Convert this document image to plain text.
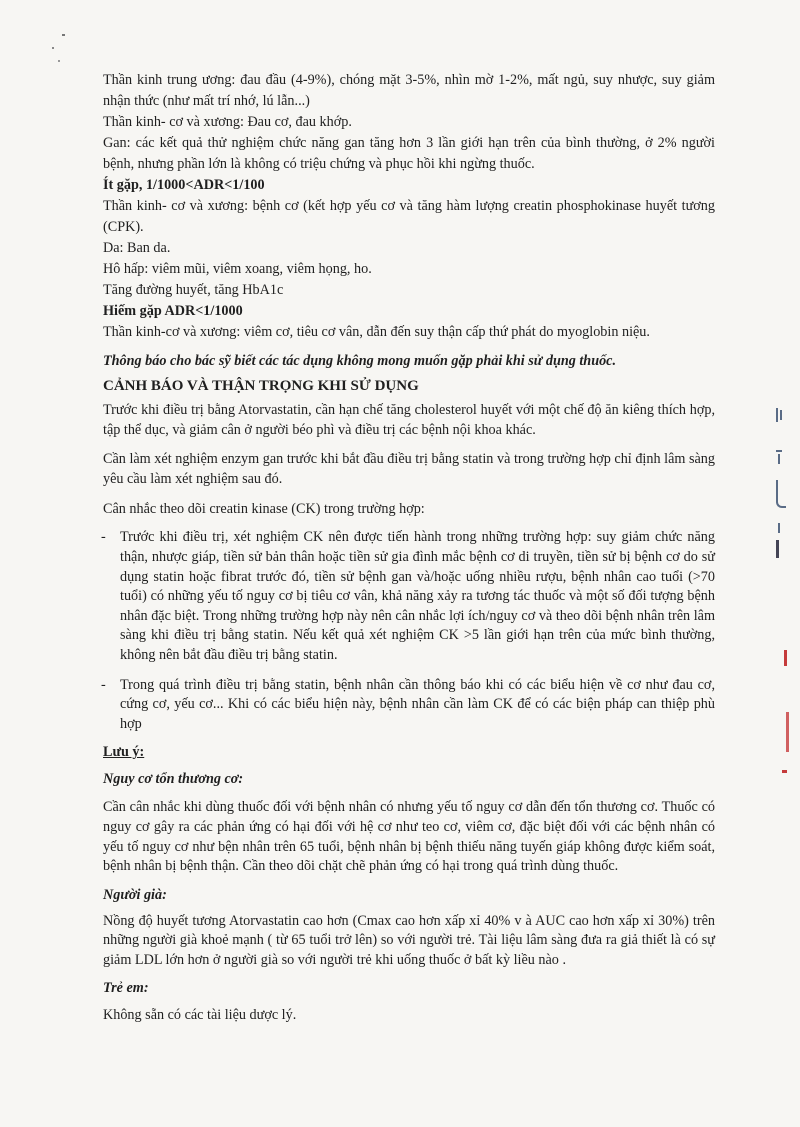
Thần kinh trung ương: đau đầu (4-9%), chóng mặt 3-5%, nhìn mờ 1-2%, mất ngủ, suy nhược, suy giảm nhận thức (như mất trí nhớ, lú lẫn...)

Thần kinh- cơ và xương: Đau cơ, đau khớp.

Gan: các kết quả thử nghiệm chức năng gan tăng hơn 3 lần giới hạn trên của bình thường, ở 2% người bệnh, nhưng phần lớn là không có triệu chứng và phục hồi khi ngừng thuốc.

Ít gặp, 1/1000<ADR<1/100

Thần kinh- cơ và xương: bệnh cơ (kết hợp yếu cơ và tăng hàm lượng creatin phosphokinase huyết tương (CPK).

Da: Ban da.

Hô hấp: viêm mũi, viêm xoang, viêm họng, ho.

Tăng đường huyết, tăng HbA1c

Hiếm gặp ADR<1/1000

Thần kinh-cơ và xương: viêm cơ, tiêu cơ vân, dẫn đến suy thận cấp thứ phát do myoglobin niệu.

Thông báo cho bác sỹ biết các tác dụng không mong muốn gặp phải khi sử dụng thuốc.

CẢNH BÁO VÀ THẬN TRỌNG KHI SỬ DỤNG

Trước khi điều trị bằng Atorvastatin, cần hạn chế tăng cholesterol huyết với một chế độ ăn kiêng thích hợp, tập thể dục, và giảm cân ở người béo phì và điều trị các bệnh nội khoa khác.

Cần làm xét nghiệm enzym gan trước khi bắt đầu điều trị bằng statin và trong trường hợp chỉ định lâm sàng yêu cầu làm xét nghiệm sau đó.

Cân nhắc theo dõi creatin kinase (CK) trong trường hợp:

- Trước khi điều trị, xét nghiệm CK nên được tiến hành trong những trường hợp: suy giảm chức năng thận, nhược giáp, tiền sử bản thân hoặc tiền sử gia đình mắc bệnh cơ di truyền, tiền sử bị bệnh cơ do sử dụng statin hoặc fibrat trước đó, tiền sử bệnh gan và/hoặc uống nhiều rượu, bệnh nhân cao tuổi (>70 tuổi) có những yếu tố nguy cơ bị tiêu cơ vân, khả năng xảy ra tương tác thuốc và một số đối tượng bệnh nhân đặc biệt. Trong những trường hợp này nên cân nhắc lợi ích/nguy cơ và theo dõi bệnh nhân trên lâm sàng khi điều trị bằng statin. Nếu kết quả xét nghiệm CK >5 lần giới hạn trên của mức bình thường, không nên bắt đầu điều trị bằng statin.
- Trong quá trình điều trị bằng statin, bệnh nhân cần thông báo khi có các biểu hiện về cơ như đau cơ, cứng cơ, yếu cơ... Khi có các biểu hiện này, bệnh nhân cần làm CK để có các biện pháp can thiệp phù hợp

Lưu ý:

Nguy cơ tổn thương cơ:

Cần cân nhắc khi dùng thuốc đối với bệnh nhân có nhưng yếu tố nguy cơ dẫn đến tổn thương cơ. Thuốc có nguy cơ gây ra các phản ứng có hại đối với hệ cơ như teo cơ, viêm cơ, đặc biệt đối với các bệnh nhân có yếu tố nguy cơ như bện nhân trên 65 tuổi, bệnh nhân bị bệnh thiếu năng tuyến giáp không được kiểm soát, bệnh nhân bị bệnh thận. Cần theo dõi chặt chẽ phản ứng có hại trong quá trình dùng thuốc.

Người già:

Nồng độ huyết tương Atorvastatin cao hơn (Cmax cao hơn xấp xỉ 40% v à AUC cao hơn xấp xỉ 30%) trên những người già khoẻ mạnh ( từ 65 tuổi trở lên) so với người trẻ. Tài liệu lâm sàng đưa ra giả thiết là có sự giảm LDL lớn hơn ở người già so với người trẻ khi uống thuốc ở bất kỳ liều nào .

Trẻ em:

Không sẵn có các tài liệu dược lý.
